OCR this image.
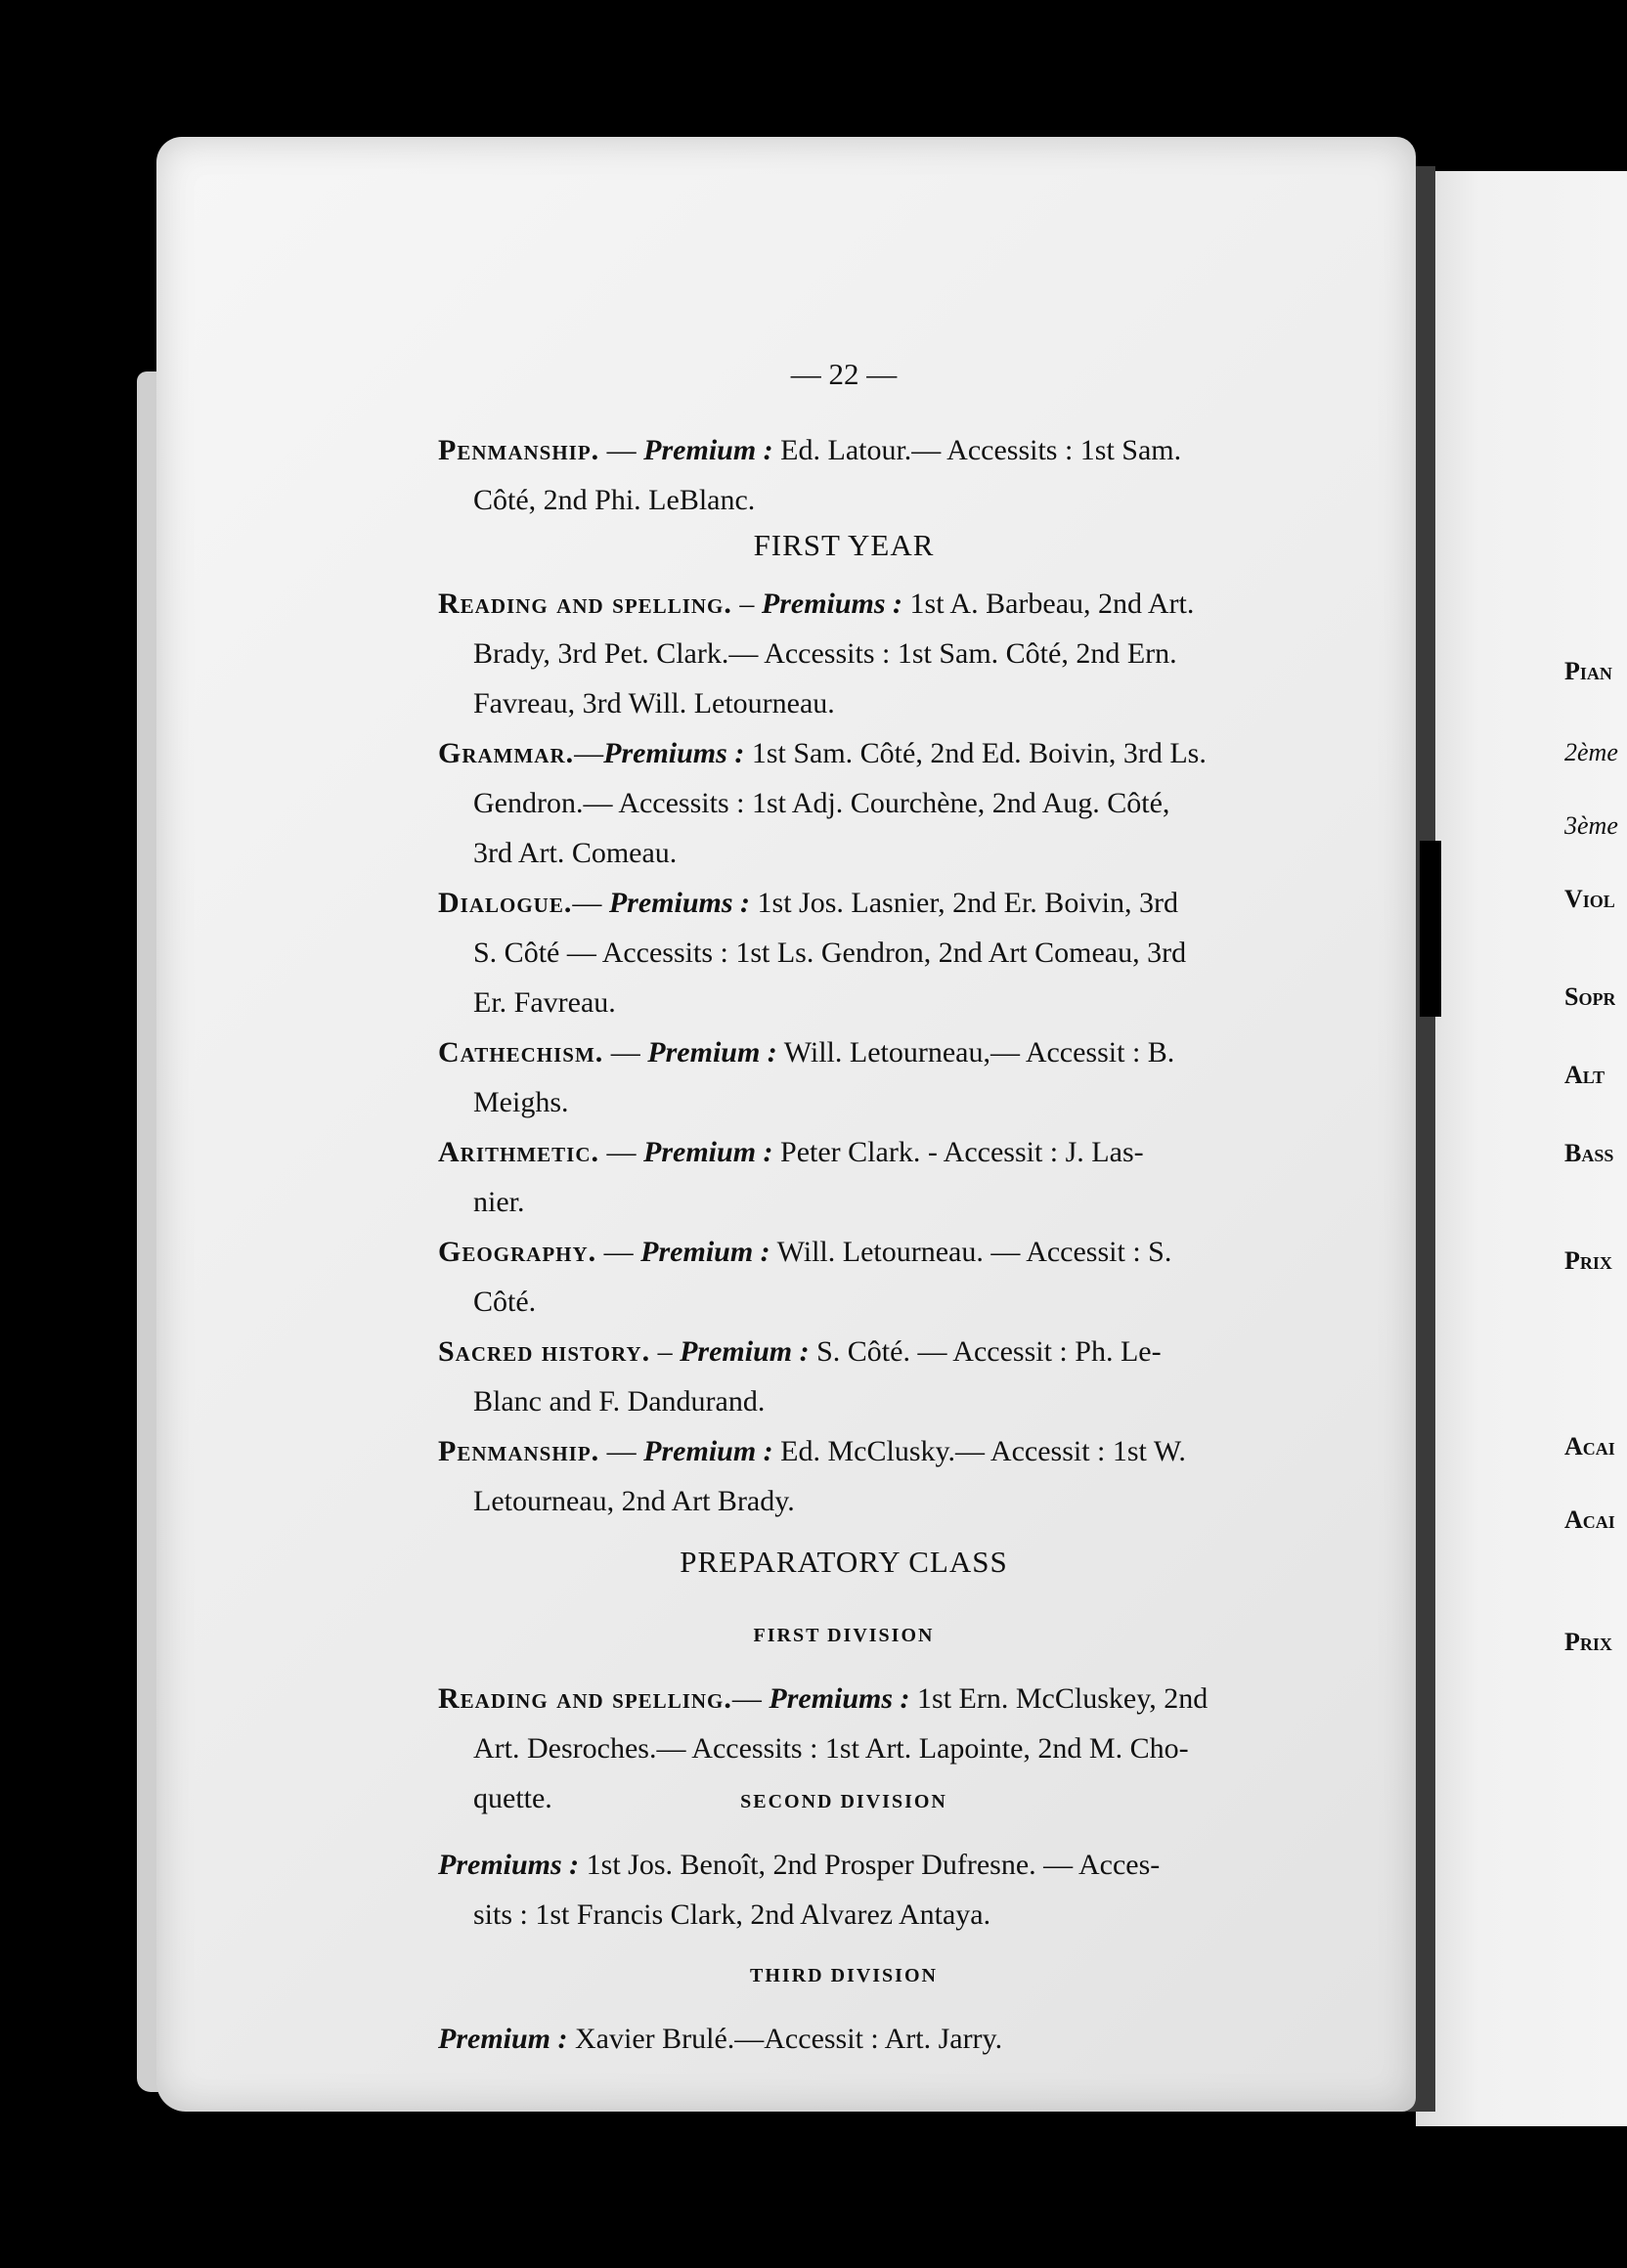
— 22 —
Penmanship. — Premium : Ed. Latour.— Accessits : 1st Sam.
Côté, 2nd Phi. LeBlanc.
FIRST YEAR
Reading and spelling. – Premiums : 1st A. Barbeau, 2nd Art.
Brady, 3rd Pet. Clark.— Accessits : 1st Sam. Côté, 2nd Ern.
Favreau, 3rd Will. Letourneau.
Grammar.—Premiums : 1st Sam. Côté, 2nd Ed. Boivin, 3rd Ls.
Gendron.— Accessits : 1st Adj. Courchène, 2nd Aug. Côté,
3rd Art. Comeau.
Dialogue.— Premiums : 1st Jos. Lasnier, 2nd Er. Boivin, 3rd
S. Côté — Accessits : 1st Ls. Gendron, 2nd Art Comeau, 3rd
Er. Favreau.
Cathechism. — Premium : Will. Letourneau,— Accessit : B.
Meighs.
Arithmetic. — Premium : Peter Clark. - Accessit : J. Las-
nier.
Geography. — Premium : Will. Letourneau. — Accessit : S.
Côté.
Sacred history. – Premium : S. Côté. — Accessit : Ph. Le-
Blanc and F. Dandurand.
Penmanship. — Premium : Ed. McClusky.— Accessit : 1st W.
Letourneau, 2nd Art Brady.
PREPARATORY CLASS
FIRST DIVISION
Reading and spelling.— Premiums : 1st Ern. McCluskey, 2nd
Art. Desroches.— Accessits : 1st Art. Lapointe, 2nd M. Cho-
quette.	SECOND DIVISION
Premiums : 1st Jos. Benoît, 2nd Prosper Dufresne. — Acces-
sits : 1st Francis Clark, 2nd Alvarez Antaya.
THIRD DIVISION
Premium : Xavier Brulé.—Accessit : Art. Jarry.
Pian
2ème
3ème
Viol
Sopr
Alt
Bass
Prix
Acai
Acai
Prix
